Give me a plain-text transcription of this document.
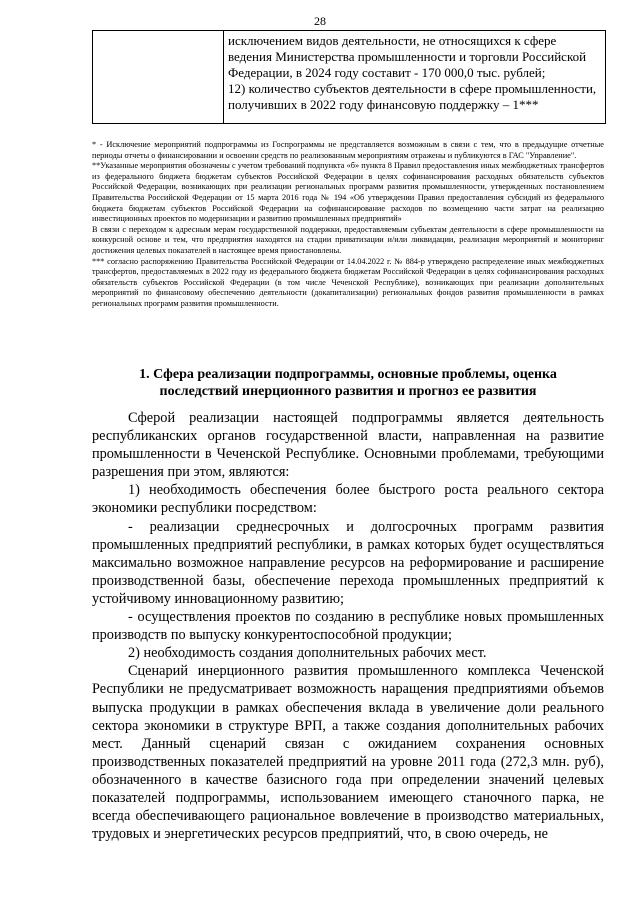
28

исключением видов деятельности, не относящихся к сфере

ведения Министерства промышленности и торговли Российской

Федерации, в 2024 году составит - 170 000,0 тыс. рублей;

12) количество субъектов деятельности в сфере промышленности,

получивших в 2022 году финансовую поддержку – 1***

* - Исключение мероприятий подпрограммы из Госпрограммы не представляется возможным в связи с тем, что в предыдущие отчетные периоды отчеты о финансировании и освоении средств по реализованным мероприятиям отражены и публикуются в ГАС "Управление".

**Указанные мероприятия обозначены с учетом требований подпункта «б» пункта 8 Правил предоставления иных межбюджетных трансфертов из федерального бюджета бюджетам субъектов Российской Федерации в целях софинансирования расходных обязательств субъектов Российской Федерации, возникающих при реализации региональных программ развития промышленности, утвержденных постановлением Правительства Российской Федерации от 15 марта 2016 года № 194 «Об утверждении Правил предоставления субсидий из федерального бюджета бюджетам субъектов Российской Федерации на софинансирование расходов по возмещению части затрат на реализацию инвестиционных проектов по модернизации и развитию промышленных предприятий»

В связи с переходом к адресным мерам государственной поддержки, предоставляемым субъектам деятельности в сфере промышленности на конкурсной основе и тем, что предприятия находятся на стадии приватизации и/или ликвидации, реализация мероприятий и мониторинг достижения целевых показателей в настоящее время приостановлены.

*** согласно распоряжению Правительства Российской Федерации от 14.04.2022 г. № 884-р утверждено распределение иных межбюджетных трансфертов, предоставляемых в 2022 году из федерального бюджета бюджетам Российской Федерации в целях софинансирования расходных обязательств субъектов Российской Федерации (в том числе Чеченской Республике), возникающих при реализации дополнительных мероприятий по финансовому обеспечению деятельности (докапитализации) региональных фондов развития промышленности в рамках региональных программ развития промышленности.

1. Сфера реализации подпрограммы, основные проблемы, оценка
последствий инерционного развития и прогноз ее развития

Сферой реализации настоящей подпрограммы является деятельность республиканских органов государственной власти, направленная на развитие промышленности в Чеченской Республике. Основными проблемами, требующими разрешения при этом, являются:

1) необходимость обеспечения более быстрого роста реального сектора экономики республики посредством:

- реализации среднесрочных и долгосрочных программ развития промышленных предприятий республики, в рамках которых будет осуществляться максимально возможное направление ресурсов на реформирование и расширение производственной базы, обеспечение перехода промышленных предприятий к устойчивому инновационному развитию;

- осуществления проектов по созданию в республике новых промышленных производств по выпуску конкурентоспособной продукции;

2) необходимость создания дополнительных рабочих мест.

Сценарий инерционного развития промышленного комплекса Чеченской Республики не предусматривает возможность наращения предприятиями объемов выпуска продукции в рамках обеспечения вклада в увеличение доли реального сектора экономики в структуре ВРП, а также создания дополнительных рабочих мест. Данный сценарий связан с ожиданием сохранения основных производственных показателей предприятий на уровне 2011 года (272,3 млн. руб), обозначенного в качестве базисного года при определении значений целевых показателей подпрограммы, использованием имеющего станочного парка, не всегда обеспечивающего рациональное вовлечение в производство материальных, трудовых и энергетических ресурсов предприятий, что, в свою очередь, не
